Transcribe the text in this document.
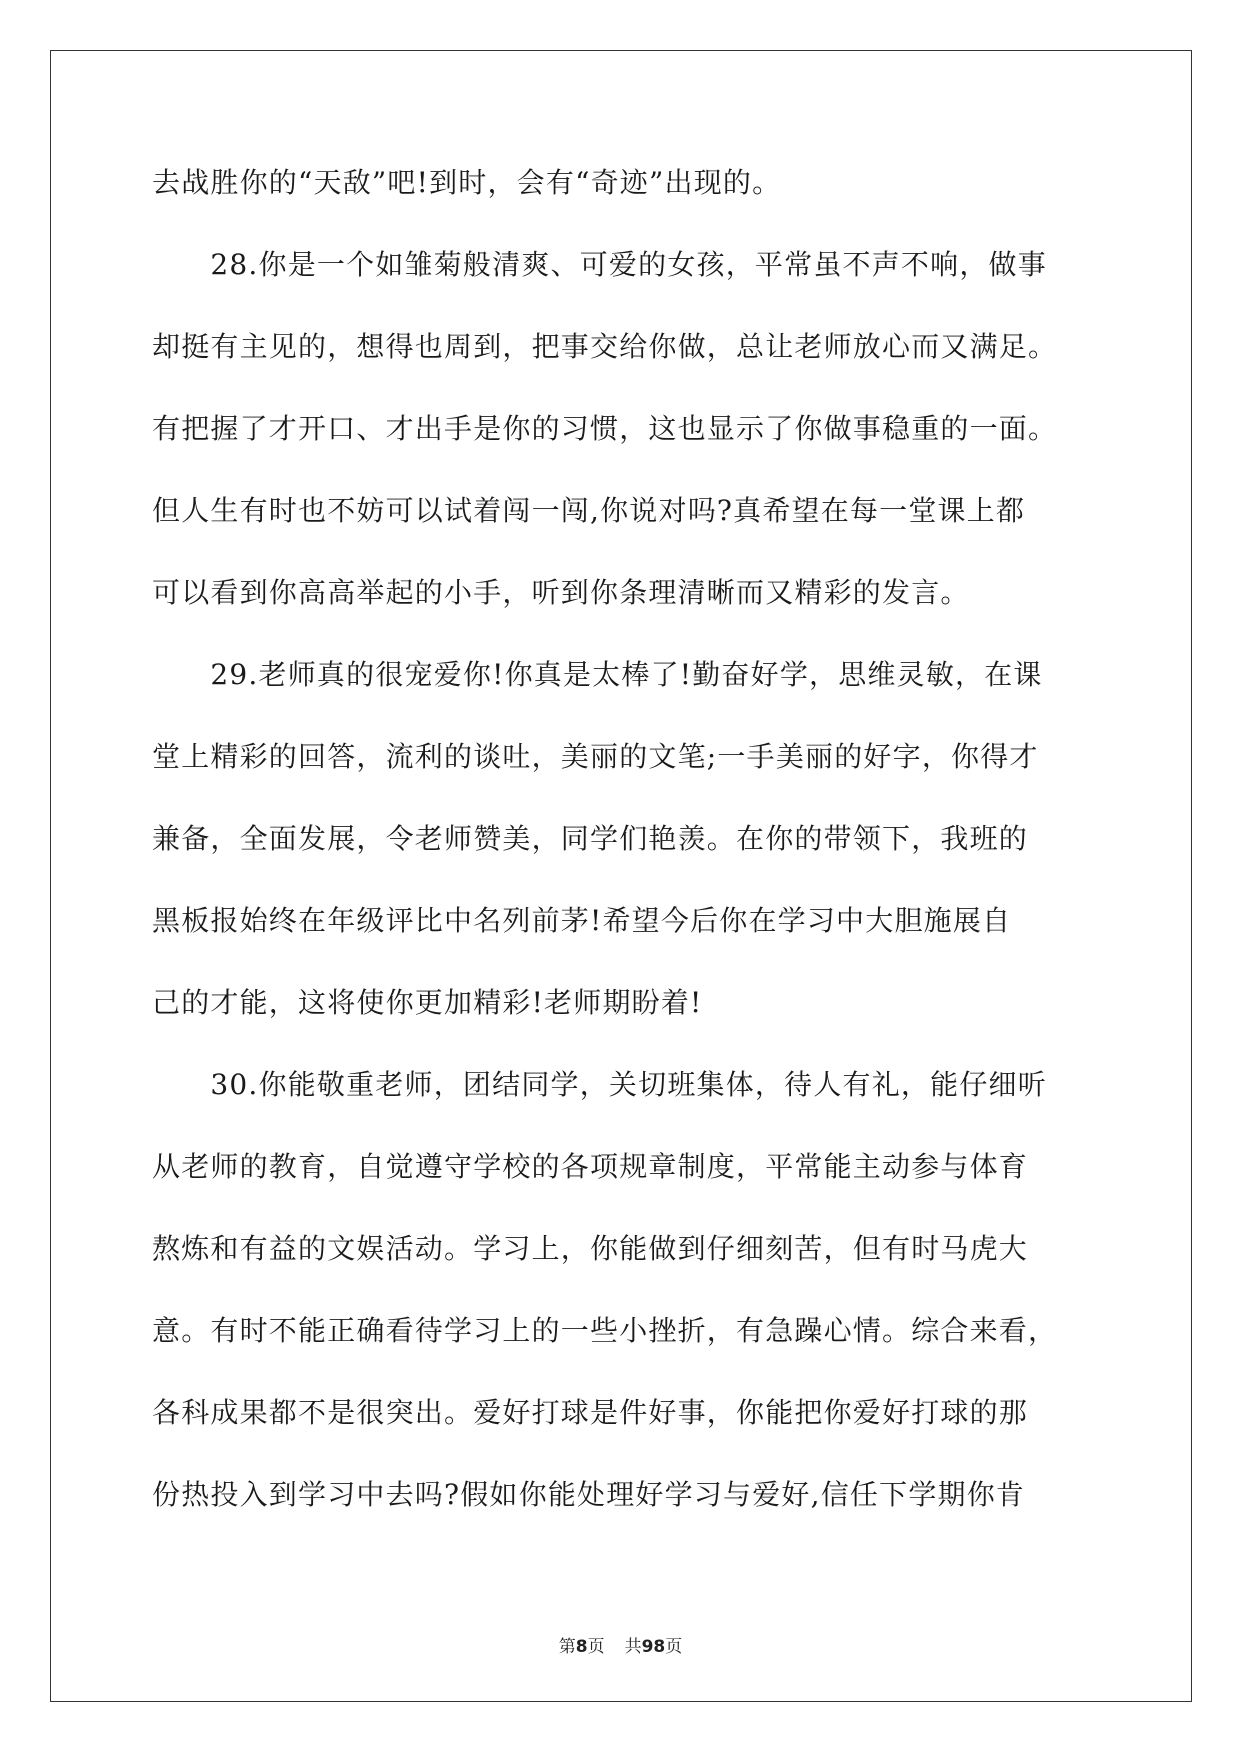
去战胜你的“天敌”吧!到时，会有“奇迹”出现的。
　　28.你是一个如雏菊般清爽、可爱的女孩，平常虽不声不响，做事
却挺有主见的，想得也周到，把事交给你做，总让老师放心而又满足。
有把握了才开口、才出手是你的习惯，这也显示了你做事稳重的一面。
但人生有时也不妨可以试着闯一闯,你说对吗?真希望在每一堂课上都
可以看到你高高举起的小手，听到你条理清晰而又精彩的发言。
　　29.老师真的很宠爱你!你真是太棒了!勤奋好学，思维灵敏，在课
堂上精彩的回答，流利的谈吐，美丽的文笔;一手美丽的好字，你得才
兼备，全面发展，令老师赞美，同学们艳羡。在你的带领下，我班的
黑板报始终在年级评比中名列前茅!希望今后你在学习中大胆施展自
己的才能，这将使你更加精彩!老师期盼着!
　　30.你能敬重老师，团结同学，关切班集体，待人有礼，能仔细听
从老师的教育，自觉遵守学校的各项规章制度，平常能主动参与体育
熬炼和有益的文娱活动。学习上，你能做到仔细刻苦，但有时马虎大
意。有时不能正确看待学习上的一些小挫折，有急躁心情。综合来看，
各科成果都不是很突出。爱好打球是件好事，你能把你爱好打球的那
份热投入到学习中去吗?假如你能处理好学习与爱好,信任下学期你肯
第8页 共98页
